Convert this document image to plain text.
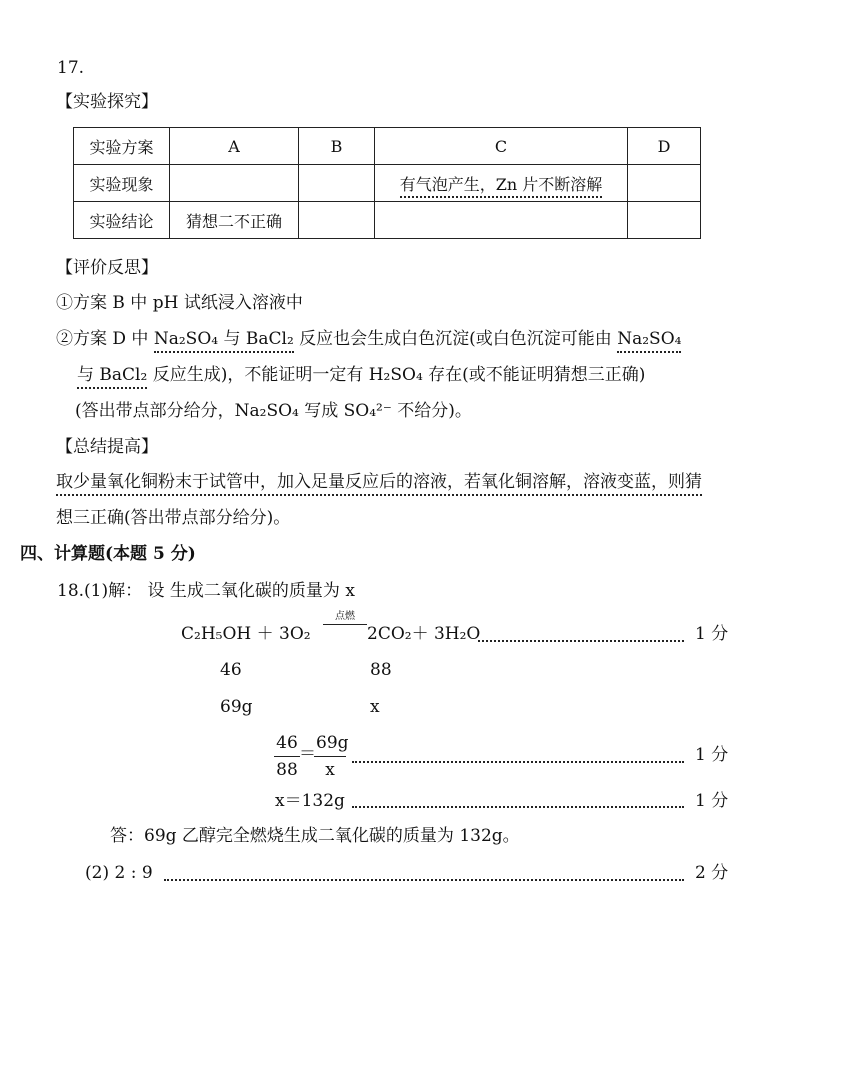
17.
【实验探究】
实验方案	A	B	C	D
实验现象			有气泡产生，Zn 片不断溶解	
实验结论	猜想二不正确			
【评价反思】
①方案 B 中 pH 试纸浸入溶液中
②方案 D 中 Na₂SO₄ 与 BaCl₂ 反应也会生成白色沉淀(或白色沉淀可能由 Na₂SO₄
与 BaCl₂ 反应生成)，不能证明一定有 H₂SO₄ 存在(或不能证明猜想三正确)
(答出带点部分给分，Na₂SO₄ 写成 SO₄²⁻ 不给分)。
【总结提高】
取少量氧化铜粉末于试管中，加入足量反应后的溶液，若氧化铜溶解，溶液变蓝，则猜
想三正确(答出带点部分给分)。
四、计算题(本题 5 分)
18.(1)解： 设 生成二氧化碳的质量为 x
C₂H₅OH ＋ 3O₂
点燃
2CO₂＋ 3H₂O	1 分
46	88
69g	x
$\frac{46}{88}$ ＝
$\frac{69g}{x}$	1 分
x＝132g	1 分
答：69g 乙醇完全燃烧生成二氧化碳的质量为 132g。
(2) 2 : 9	2 分
